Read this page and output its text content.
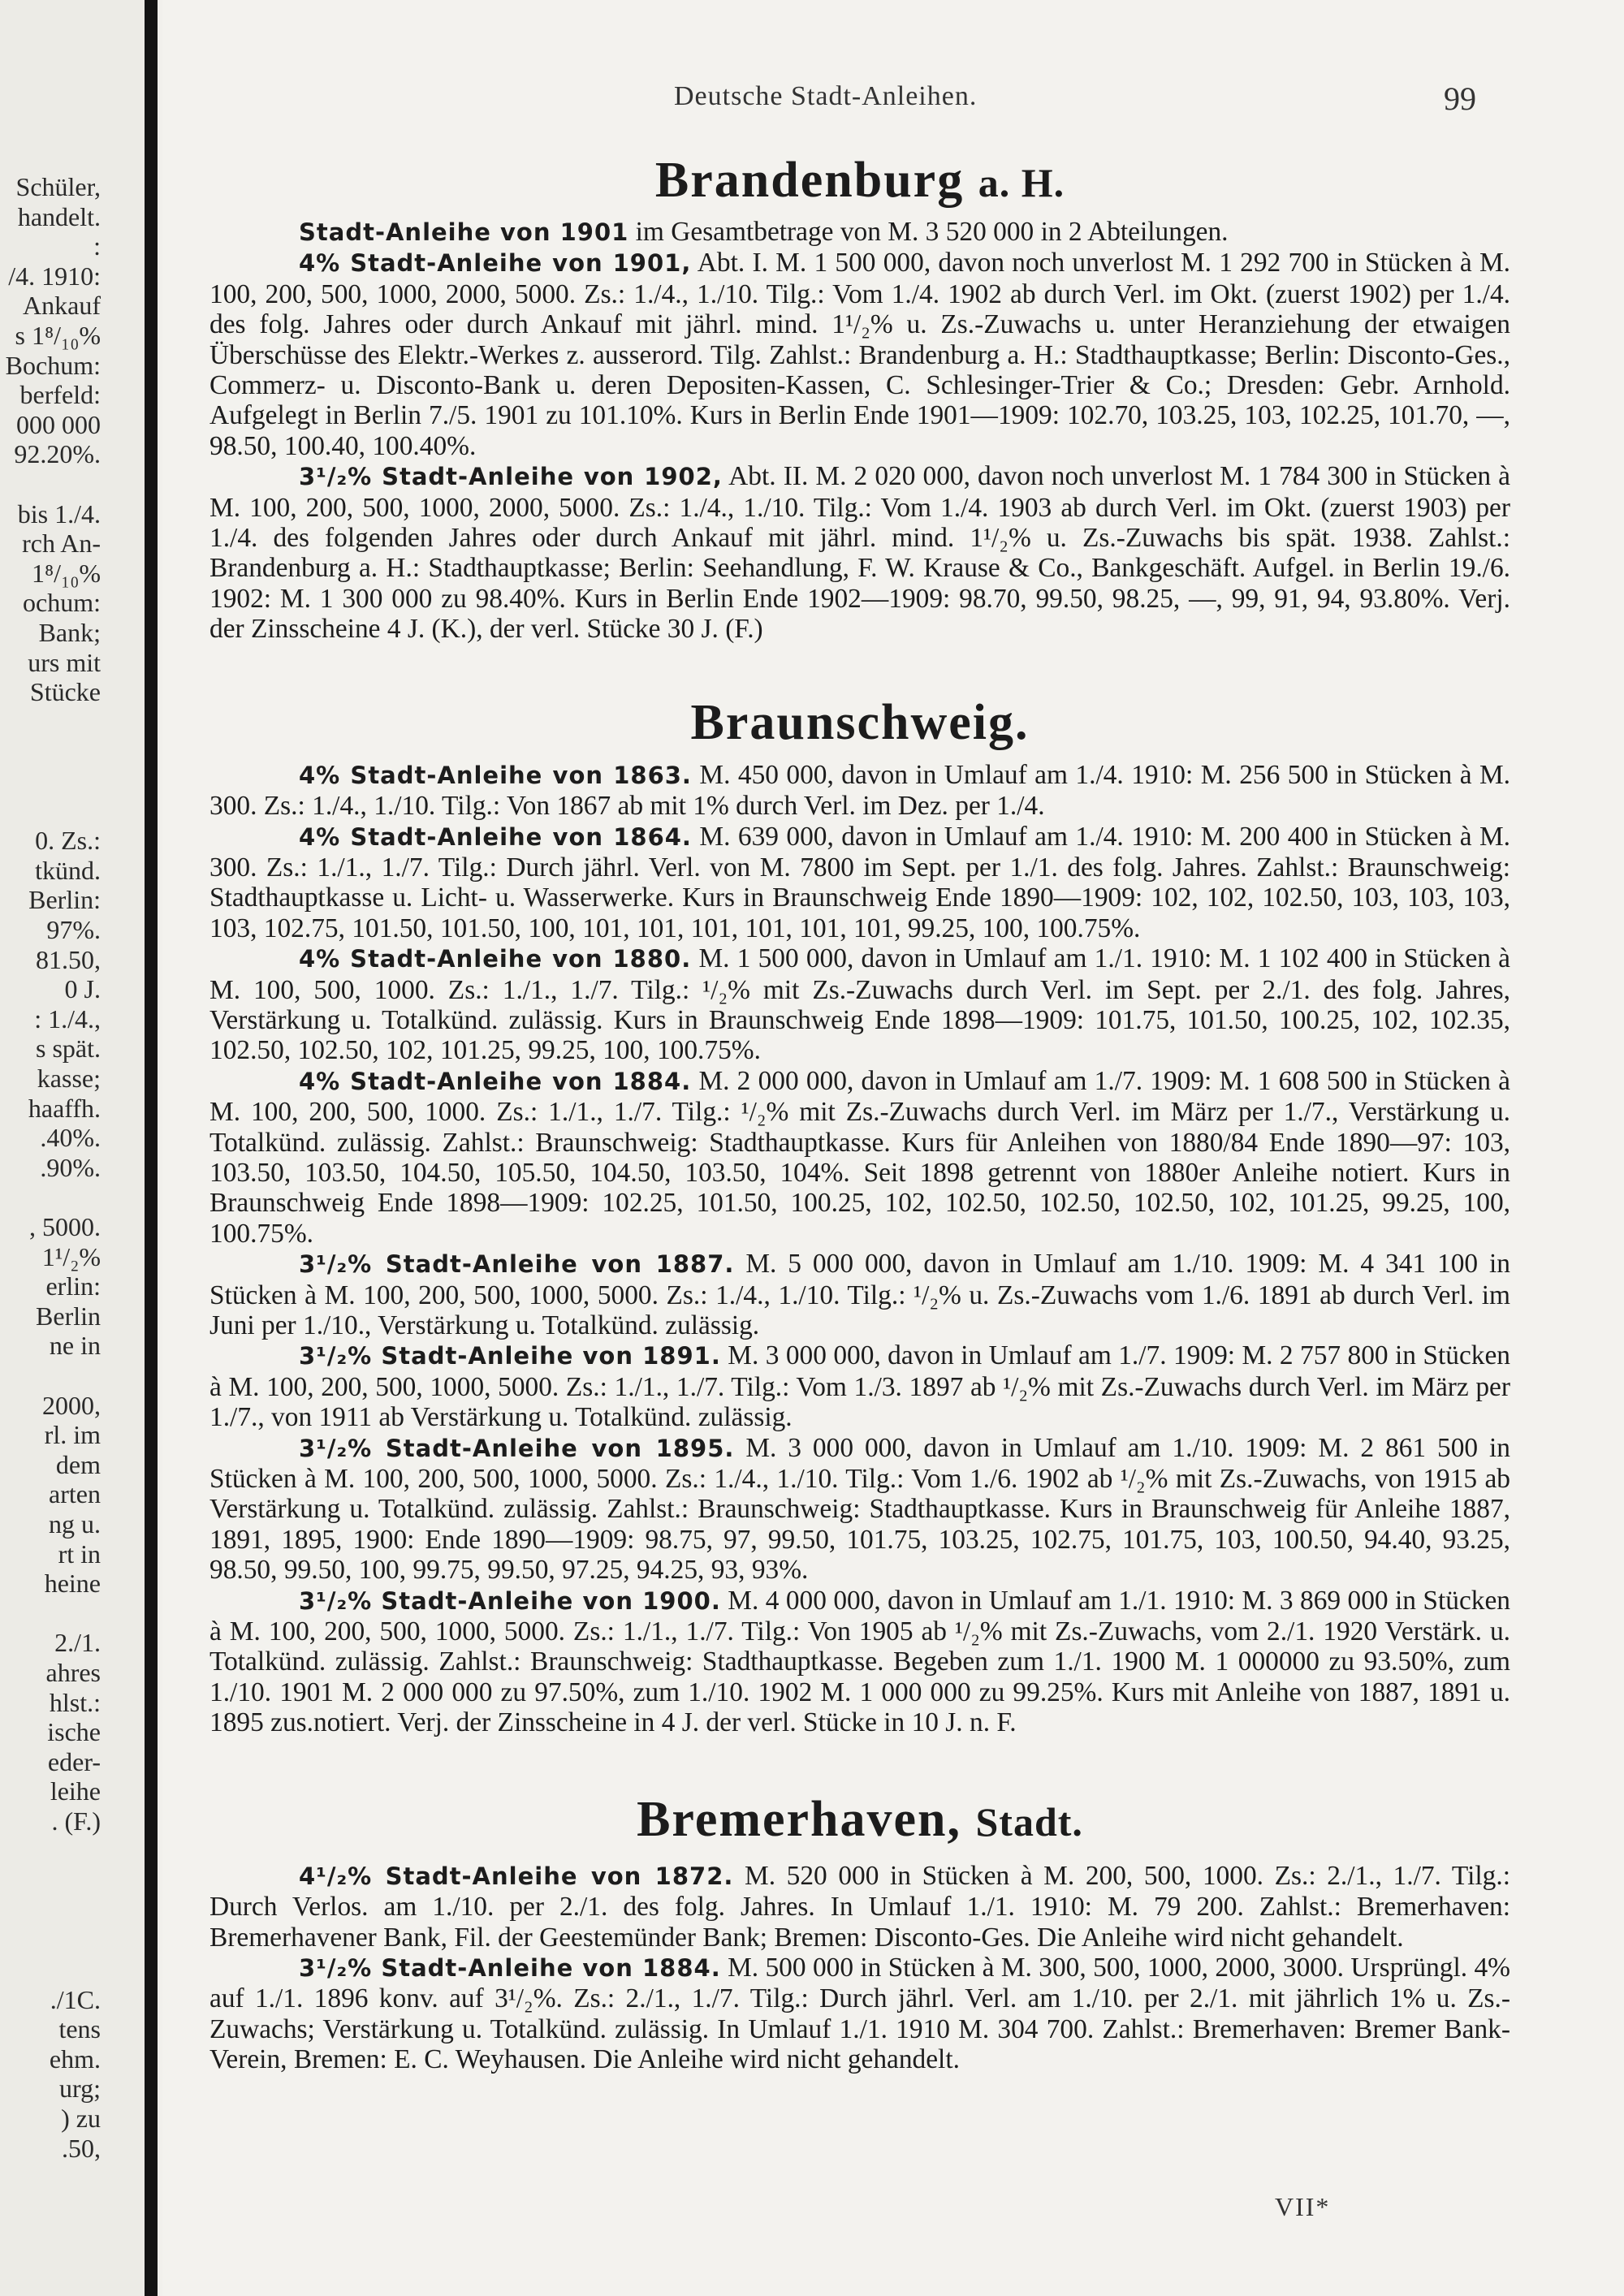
Schüler,
handelt.
:
/4. 1910:
Ankauf
s 1⁸/₁₀%
Bochum:
berfeld:
000 000
92.20%.
bis 1./4.
rch An-
1⁸/₁₀%
ochum:
Bank;
urs mit
Stücke
0. Zs.:
tkünd.
Berlin:
97%.
81.50,
0 J.
: 1./4.,
s spät.
kasse;
haaffh.
.40%.
.90%.
, 5000.
1¹/₂%
erlin:
Berlin
ne in
2000,
rl. im
dem
arten
ng u.
rt in
heine
2./1.
ahres
hlst.:
ische
eder-
leihe
. (F.)
./1C.
tens
ehm.
urg;
) zu
.50,
Deutsche Stadt-Anleihen.	99
Brandenburg a. H.

Stadt-Anleihe von 1901 im Gesamtbetrage von M. 3 520 000 in 2 Abteilungen.

4% Stadt-Anleihe von 1901, Abt. I. M. 1 500 000, davon noch unverlost M. 1 292 700 in Stücken à M. 100, 200, 500, 1000, 2000, 5000. Zs.: 1./4., 1./10. Tilg.: Vom 1./4. 1902 ab durch Verl. im Okt. (zuerst 1902) per 1./4. des folg. Jahres oder durch Ankauf mit jährl. mind. 1¹/₂% u. Zs.-Zuwachs u. unter Heranziehung der etwaigen Überschüsse des Elektr.-Werkes z. ausserord. Tilg. Zahlst.: Brandenburg a. H.: Stadthauptkasse; Berlin: Disconto-Ges., Commerz- u. Disconto-Bank u. deren Depositen-Kassen, C. Schlesinger-Trier & Co.; Dresden: Gebr. Arnhold. Aufgelegt in Berlin 7./5. 1901 zu 101.10%. Kurs in Berlin Ende 1901—1909: 102.70, 103.25, 103, 102.25, 101.70, —, 98.50, 100.40, 100.40%.

3¹/₂% Stadt-Anleihe von 1902, Abt. II. M. 2 020 000, davon noch unverlost M. 1 784 300 in Stücken à M. 100, 200, 500, 1000, 2000, 5000. Zs.: 1./4., 1./10. Tilg.: Vom 1./4. 1903 ab durch Verl. im Okt. (zuerst 1903) per 1./4. des folgenden Jahres oder durch Ankauf mit jährl. mind. 1¹/₂% u. Zs.-Zuwachs bis spät. 1938. Zahlst.: Brandenburg a. H.: Stadthauptkasse; Berlin: Seehandlung, F. W. Krause & Co., Bankgeschäft. Aufgel. in Berlin 19./6. 1902: M. 1 300 000 zu 98.40%. Kurs in Berlin Ende 1902—1909: 98.70, 99.50, 98.25, —, 99, 91, 94, 93.80%. Verj. der Zinsscheine 4 J. (K.), der verl. Stücke 30 J. (F.)

Braunschweig.

4% Stadt-Anleihe von 1863. M. 450 000, davon in Umlauf am 1./4. 1910: M. 256 500 in Stücken à M. 300. Zs.: 1./4., 1./10. Tilg.: Von 1867 ab mit 1% durch Verl. im Dez. per 1./4.

4% Stadt-Anleihe von 1864. M. 639 000, davon in Umlauf am 1./4. 1910: M. 200 400 in Stücken à M. 300. Zs.: 1./1., 1./7. Tilg.: Durch jährl. Verl. von M. 7800 im Sept. per 1./1. des folg. Jahres. Zahlst.: Braunschweig: Stadthauptkasse u. Licht- u. Wasserwerke. Kurs in Braunschweig Ende 1890—1909: 102, 102, 102.50, 103, 103, 103, 103, 102.75, 101.50, 101.50, 100, 101, 101, 101, 101, 101, 101, 99.25, 100, 100.75%.

4% Stadt-Anleihe von 1880. M. 1 500 000, davon in Umlauf am 1./1. 1910: M. 1 102 400 in Stücken à M. 100, 500, 1000. Zs.: 1./1., 1./7. Tilg.: ¹/₂% mit Zs.-Zuwachs durch Verl. im Sept. per 2./1. des folg. Jahres, Verstärkung u. Totalkünd. zulässig. Kurs in Braunschweig Ende 1898—1909: 101.75, 101.50, 100.25, 102, 102.35, 102.50, 102.50, 102, 101.25, 99.25, 100, 100.75%.

4% Stadt-Anleihe von 1884. M. 2 000 000, davon in Umlauf am 1./7. 1909: M. 1 608 500 in Stücken à M. 100, 200, 500, 1000. Zs.: 1./1., 1./7. Tilg.: ¹/₂% mit Zs.-Zuwachs durch Verl. im März per 1./7., Verstärkung u. Totalkünd. zulässig. Zahlst.: Braunschweig: Stadthauptkasse. Kurs für Anleihen von 1880/84 Ende 1890—97: 103, 103.50, 103.50, 104.50, 105.50, 104.50, 103.50, 104%. Seit 1898 getrennt von 1880er Anleihe notiert. Kurs in Braunschweig Ende 1898—1909: 102.25, 101.50, 100.25, 102, 102.50, 102.50, 102.50, 102, 101.25, 99.25, 100, 100.75%.

3¹/₂% Stadt-Anleihe von 1887. M. 5 000 000, davon in Umlauf am 1./10. 1909: M. 4 341 100 in Stücken à M. 100, 200, 500, 1000, 5000. Zs.: 1./4., 1./10. Tilg.: ¹/₂% u. Zs.-Zuwachs vom 1./6. 1891 ab durch Verl. im Juni per 1./10., Verstärkung u. Totalkünd. zulässig.

3¹/₂% Stadt-Anleihe von 1891. M. 3 000 000, davon in Umlauf am 1./7. 1909: M. 2 757 800 in Stücken à M. 100, 200, 500, 1000, 5000. Zs.: 1./1., 1./7. Tilg.: Vom 1./3. 1897 ab ¹/₂% mit Zs.-Zuwachs durch Verl. im März per 1./7., von 1911 ab Verstärkung u. Totalkünd. zulässig.

3¹/₂% Stadt-Anleihe von 1895. M. 3 000 000, davon in Umlauf am 1./10. 1909: M. 2 861 500 in Stücken à M. 100, 200, 500, 1000, 5000. Zs.: 1./4., 1./10. Tilg.: Vom 1./6. 1902 ab ¹/₂% mit Zs.-Zuwachs, von 1915 ab Verstärkung u. Totalkünd. zulässig. Zahlst.: Braunschweig: Stadthauptkasse. Kurs in Braunschweig für Anleihe 1887, 1891, 1895, 1900: Ende 1890—1909: 98.75, 97, 99.50, 101.75, 103.25, 102.75, 101.75, 103, 100.50, 94.40, 93.25, 98.50, 99.50, 100, 99.75, 99.50, 97.25, 94.25, 93, 93%.

3¹/₂% Stadt-Anleihe von 1900. M. 4 000 000, davon in Umlauf am 1./1. 1910: M. 3 869 000 in Stücken à M. 100, 200, 500, 1000, 5000. Zs.: 1./1., 1./7. Tilg.: Von 1905 ab ¹/₂% mit Zs.-Zuwachs, vom 2./1. 1920 Verstärk. u. Totalkünd. zulässig. Zahlst.: Braunschweig: Stadthauptkasse. Begeben zum 1./1. 1900 M. 1 000000 zu 93.50%, zum 1./10. 1901 M. 2 000 000 zu 97.50%, zum 1./10. 1902 M. 1 000 000 zu 99.25%. Kurs mit Anleihe von 1887, 1891 u. 1895 zus.notiert. Verj. der Zinsscheine in 4 J. der verl. Stücke in 10 J. n. F.

Bremerhaven, Stadt.

4¹/₂% Stadt-Anleihe von 1872. M. 520 000 in Stücken à M. 200, 500, 1000. Zs.: 2./1., 1./7. Tilg.: Durch Verlos. am 1./10. per 2./1. des folg. Jahres. In Umlauf 1./1. 1910: M. 79 200. Zahlst.: Bremerhaven: Bremerhavener Bank, Fil. der Geestemünder Bank; Bremen: Disconto-Ges. Die Anleihe wird nicht gehandelt.

3¹/₂% Stadt-Anleihe von 1884. M. 500 000 in Stücken à M. 300, 500, 1000, 2000, 3000. Ursprüngl. 4% auf 1./1. 1896 konv. auf 3¹/₂%. Zs.: 2./1., 1./7. Tilg.: Durch jährl. Verl. am 1./10. per 2./1. mit jährlich 1% u. Zs.-Zuwachs; Verstärkung u. Totalkünd. zulässig. In Umlauf 1./1. 1910 M. 304 700. Zahlst.: Bremerhaven: Bremer Bank-Verein, Bremen: E. C. Weyhausen. Die Anleihe wird nicht gehandelt.

VII*
